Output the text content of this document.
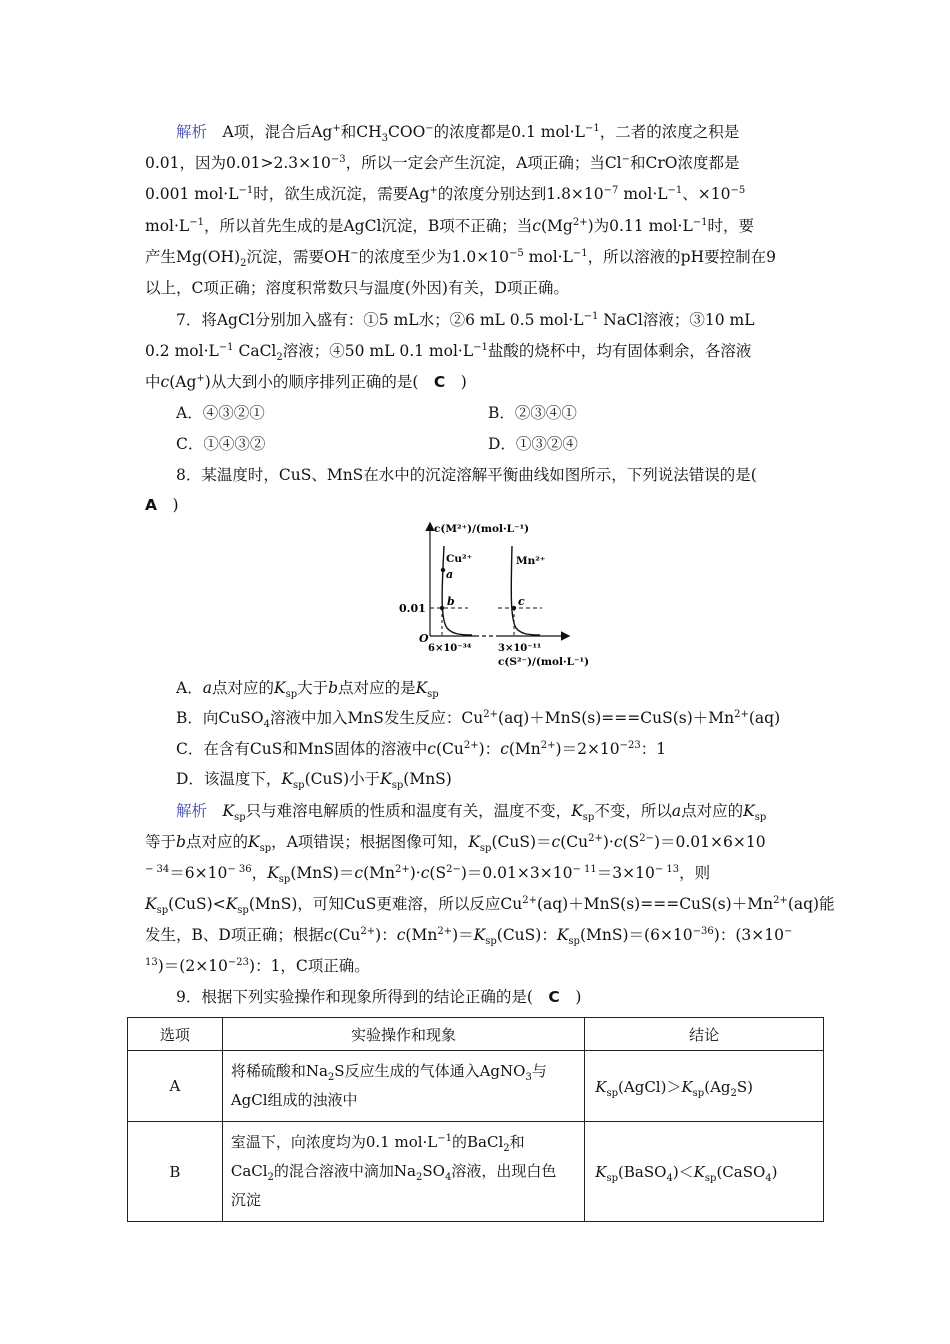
解析　 A项，混合后Ag+和$CH_3COO^-$的浓度都是0.1 $mol\cdot L^{-1}$，二者的浓度之积是
0.01，因为$0.01>2.3\times 10^{-3}$，所以一定会产生沉淀，A项正确；当Cl−和CrO浓度都是
0.001 $mol\cdot L^{-1}$时，欲生成沉淀，需要Ag+的浓度分别达到$1.8\times 10^{-7}$ $mol\cdot L^{-1}$、$\times 10^{-5}$
$mol\cdot L^{-1}$，所以首先生成的是AgCl沉淀，B项不正确；当$c(Mg^{2+})$为0.11 $mol\cdot L^{-1}$时，要
产生$Mg(OH)_2$沉淀，需要OH−的浓度至少为$1.0\times 10^{-5}$ $mol\cdot L^{-1}$，所以溶液的pH要控制在9
以上，C项正确；溶度积常数只与温度(外因)有关，D项正确。
7．将AgCl分别加入盛有：①5 mL水；②6 mL 0.5 $mol\cdot L^{-1}$ NaCl溶液；③10 mL
0.2 $mol\cdot L^{-1}$ CaCl$_2$溶液；④50 mL 0.1 $mol\cdot L^{-1}$盐酸的烧杯中，均有固体剩余，各溶液
中c(Ag+)从大到小的顺序排列正确的是(　C　)
A．④③②①	B．②③④①
C．①④③②	D．①③②④
8．某温度时，CuS、MnS在水中的沉淀溶解平衡曲线如图所示，下列说法错误的是(
A　)
c(M²⁺)/(mol·L⁻¹)
Cu²⁺	Mn²⁺
a
b	c
0.01
O
6×10⁻³⁴	3×10⁻¹¹
c(S²⁻)/(mol·L⁻¹)
A．a点对应的$K_{sp}$大于b点对应的是$K_{sp}$
B．向CuSO$_4$溶液中加入MnS发生反应：$Cu^{2+}(aq)+MnS(s)===CuS(s)+Mn^{2+}(aq)$
C．在含有CuS和MnS固体的溶液中$c(Cu^{2+})$：$c(Mn^{2+})=2\times 10^{-23}$：1
D．该温度下，$K_{sp}(CuS)$小于$K_{sp}(MnS)$
解析　 $K_{sp}$只与难溶电解质的性质和温度有关，温度不变，$K_{sp}$不变，所以a点对应的$K_{sp}$
等于b点对应的$K_{sp}$，A项错误；根据图像可知，$K_{sp}(CuS)=c(Cu^{2+})\cdot c(S^{2-})=0.01\times 6\times 10$
$^{- 34}=6\times 10^{- 36}$，$K_{sp}(MnS)=c(Mn^{2+})\cdot c(S^{2-})=0.01\times 3\times 10^{- 11}=3\times 10^{- 13}$，则
$K_{sp}(CuS)<K_{sp}(MnS)$，可知CuS更难溶，所以反应$Cu^{2+}(aq)+MnS(s)===CuS(s)+Mn^{2+}(aq)$能
发生，B、D项正确；根据$c(Cu^{2+})$：$c(Mn^{2+})=K_{sp}(CuS)$：$K_{sp}(MnS)=(6\times 10^{-36})$：(3×10−
$^{13})=(2\times 10^{-23})$：1，C项正确。
9．根据下列实验操作和现象所得到的结论正确的是(　C　)
选项	实验操作和现象	结论
A	将稀硫酸和$Na_2S$反应生成的气体通入AgNO$_3$与
AgCl组成的浊液中	$K_{sp}(AgCl)>K_{sp}(Ag_2S)$
B	室温下，向浓度均为0.1 $mol\cdot L^{-1}$的BaCl$_2$和
CaCl$_2$的混合溶液中滴加$Na_2SO_4$溶液，出现白色
沉淀	$K_{sp}(BaSO_4)<K_{sp}(CaSO_4)$
